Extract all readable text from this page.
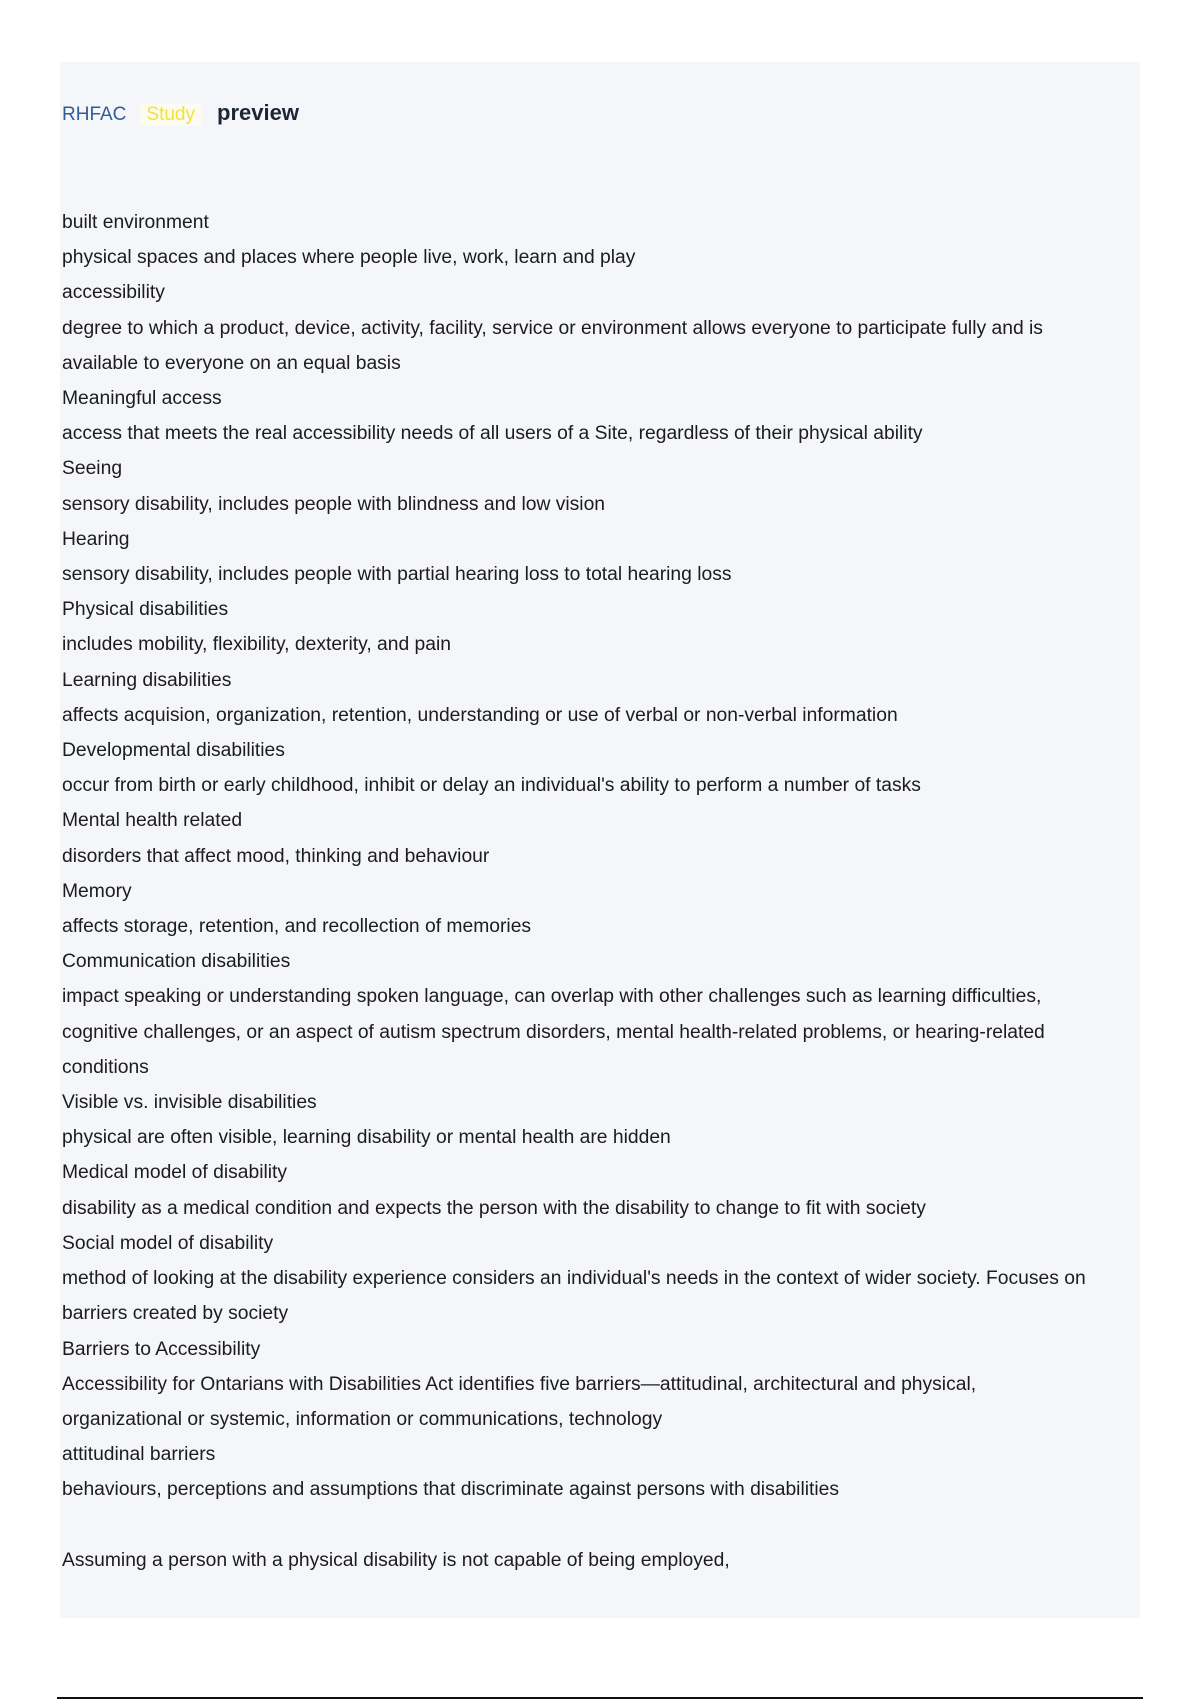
RHFAC	Study preview
built environment
physical spaces and places where people live, work, learn and play
accessibility
degree to which a product, device, activity, facility, service or environment allows everyone to participate fully and is available to everyone on an equal basis
Meaningful access
access that meets the real accessibility needs of all users of a Site, regardless of their physical ability
Seeing
sensory disability, includes people with blindness and low vision
Hearing
sensory disability, includes people with partial hearing loss to total hearing loss
Physical disabilities
includes mobility, flexibility, dexterity, and pain
Learning disabilities
affects acquision, organization, retention, understanding or use of verbal or non-verbal information
Developmental disabilities
occur from birth or early childhood, inhibit or delay an individual's ability to perform a number of tasks
Mental health related
disorders that affect mood, thinking and behaviour
Memory
affects storage, retention, and recollection of memories
Communication disabilities
impact speaking or understanding spoken language, can overlap with other challenges such as learning difficulties, cognitive challenges, or an aspect of autism spectrum disorders, mental health-related problems, or hearing-related conditions
Visible vs. invisible disabilities
physical are often visible, learning disability or mental health are hidden
Medical model of disability
disability as a medical condition and expects the person with the disability to change to fit with society
Social model of disability
method of looking at the disability experience considers an individual's needs in the context of wider society. Focuses on barriers created by society
Barriers to Accessibility
Accessibility for Ontarians with Disabilities Act identifies five barriers—attitudinal, architectural and physical, organizational or systemic, information or communications, technology
attitudinal barriers
behaviours, perceptions and assumptions that discriminate against persons with disabilities
Assuming a person with a physical disability is not capable of being employed,
